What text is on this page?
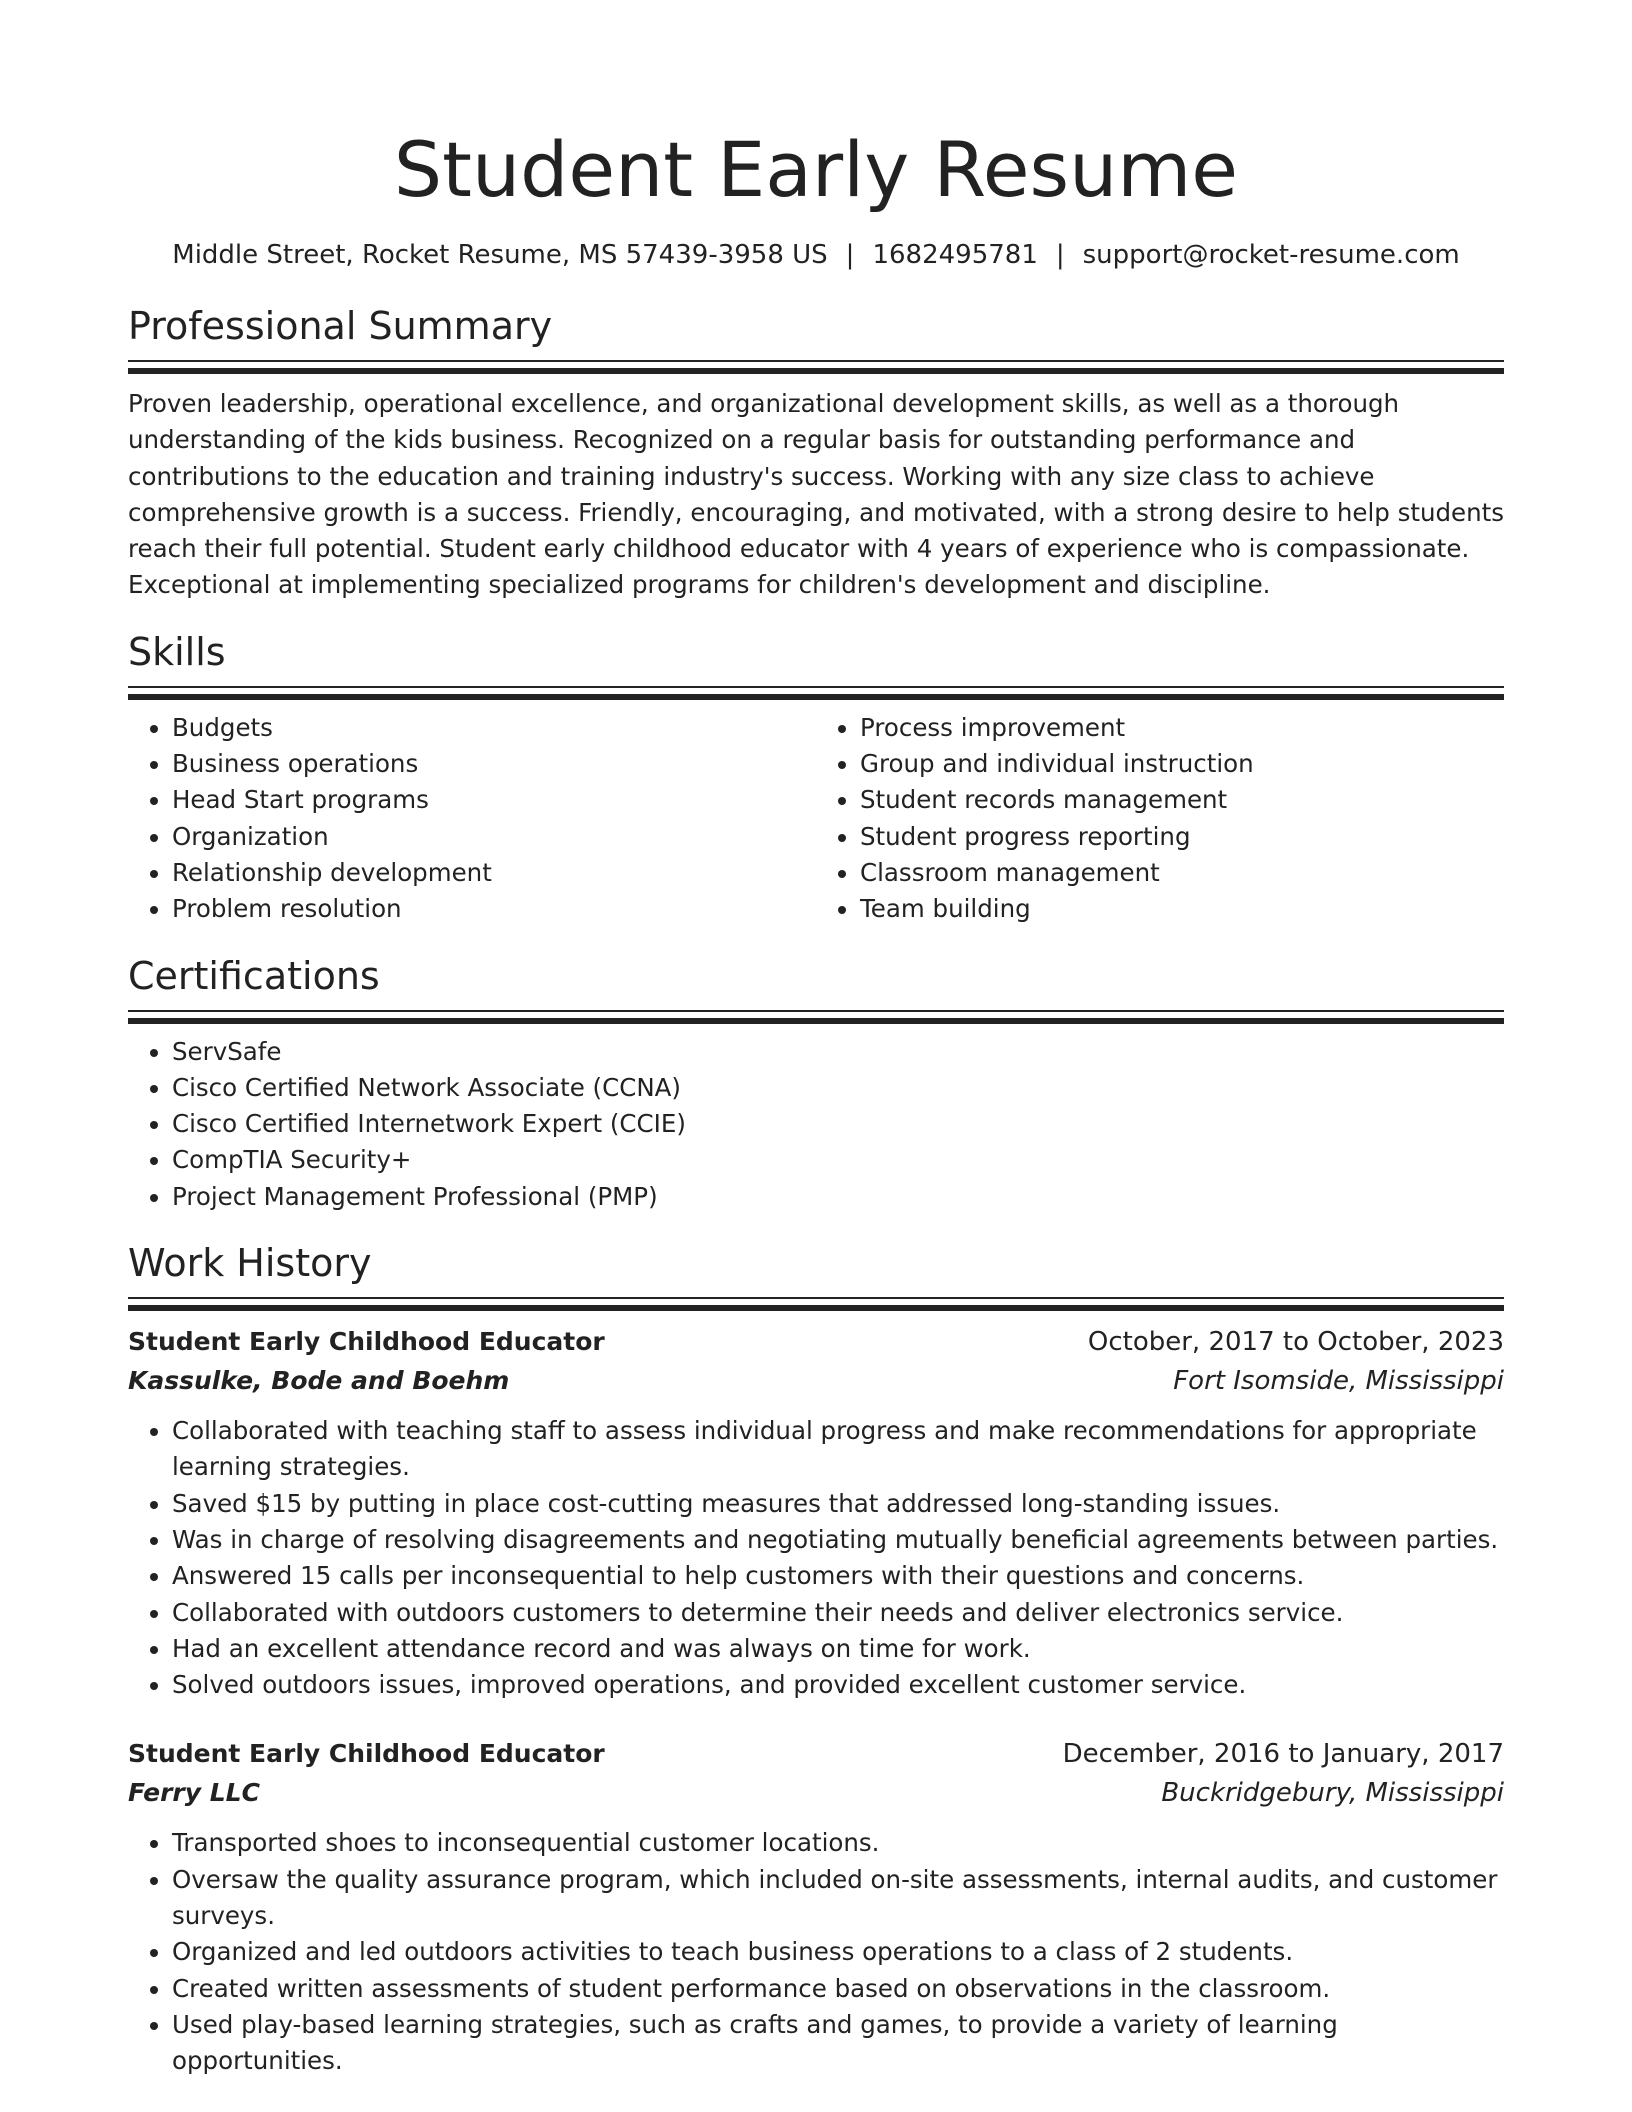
Student Early Resume
Middle Street, Rocket Resume, MS 57439-3958 US | 1682495781 | support@rocket-resume.com
Professional Summary
Proven leadership, operational excellence, and organizational development skills, as well as a thorough understanding of the kids business. Recognized on a regular basis for outstanding performance and contributions to the education and training industry's success. Working with any size class to achieve comprehensive growth is a success. Friendly, encouraging, and motivated, with a strong desire to help students reach their full potential. Student early childhood educator with 4 years of experience who is compassionate. Exceptional at implementing specialized programs for children's development and discipline.
Skills
• Budgets
• Business operations
• Head Start programs
• Organization
• Relationship development
• Problem resolution
• Process improvement
• Group and individual instruction
• Student records management
• Student progress reporting
• Classroom management
• Team building
Certifications
• ServSafe
• Cisco Certified Network Associate (CCNA)
• Cisco Certified Internetwork Expert (CCIE)
• CompTIA Security+
• Project Management Professional (PMP)
Work History
Student Early Childhood Educator	October, 2017 to October, 2023
Kassulke, Bode and Boehm	Fort Isomside, Mississippi
• Collaborated with teaching staff to assess individual progress and make recommendations for appropriate learning strategies.
• Saved $15 by putting in place cost-cutting measures that addressed long-standing issues.
• Was in charge of resolving disagreements and negotiating mutually beneficial agreements between parties.
• Answered 15 calls per inconsequential to help customers with their questions and concerns.
• Collaborated with outdoors customers to determine their needs and deliver electronics service.
• Had an excellent attendance record and was always on time for work.
• Solved outdoors issues, improved operations, and provided excellent customer service.
Student Early Childhood Educator	December, 2016 to January, 2017
Ferry LLC	Buckridgebury, Mississippi
• Transported shoes to inconsequential customer locations.
• Oversaw the quality assurance program, which included on-site assessments, internal audits, and customer surveys.
• Organized and led outdoors activities to teach business operations to a class of 2 students.
• Created written assessments of student performance based on observations in the classroom.
• Used play-based learning strategies, such as crafts and games, to provide a variety of learning opportunities.
